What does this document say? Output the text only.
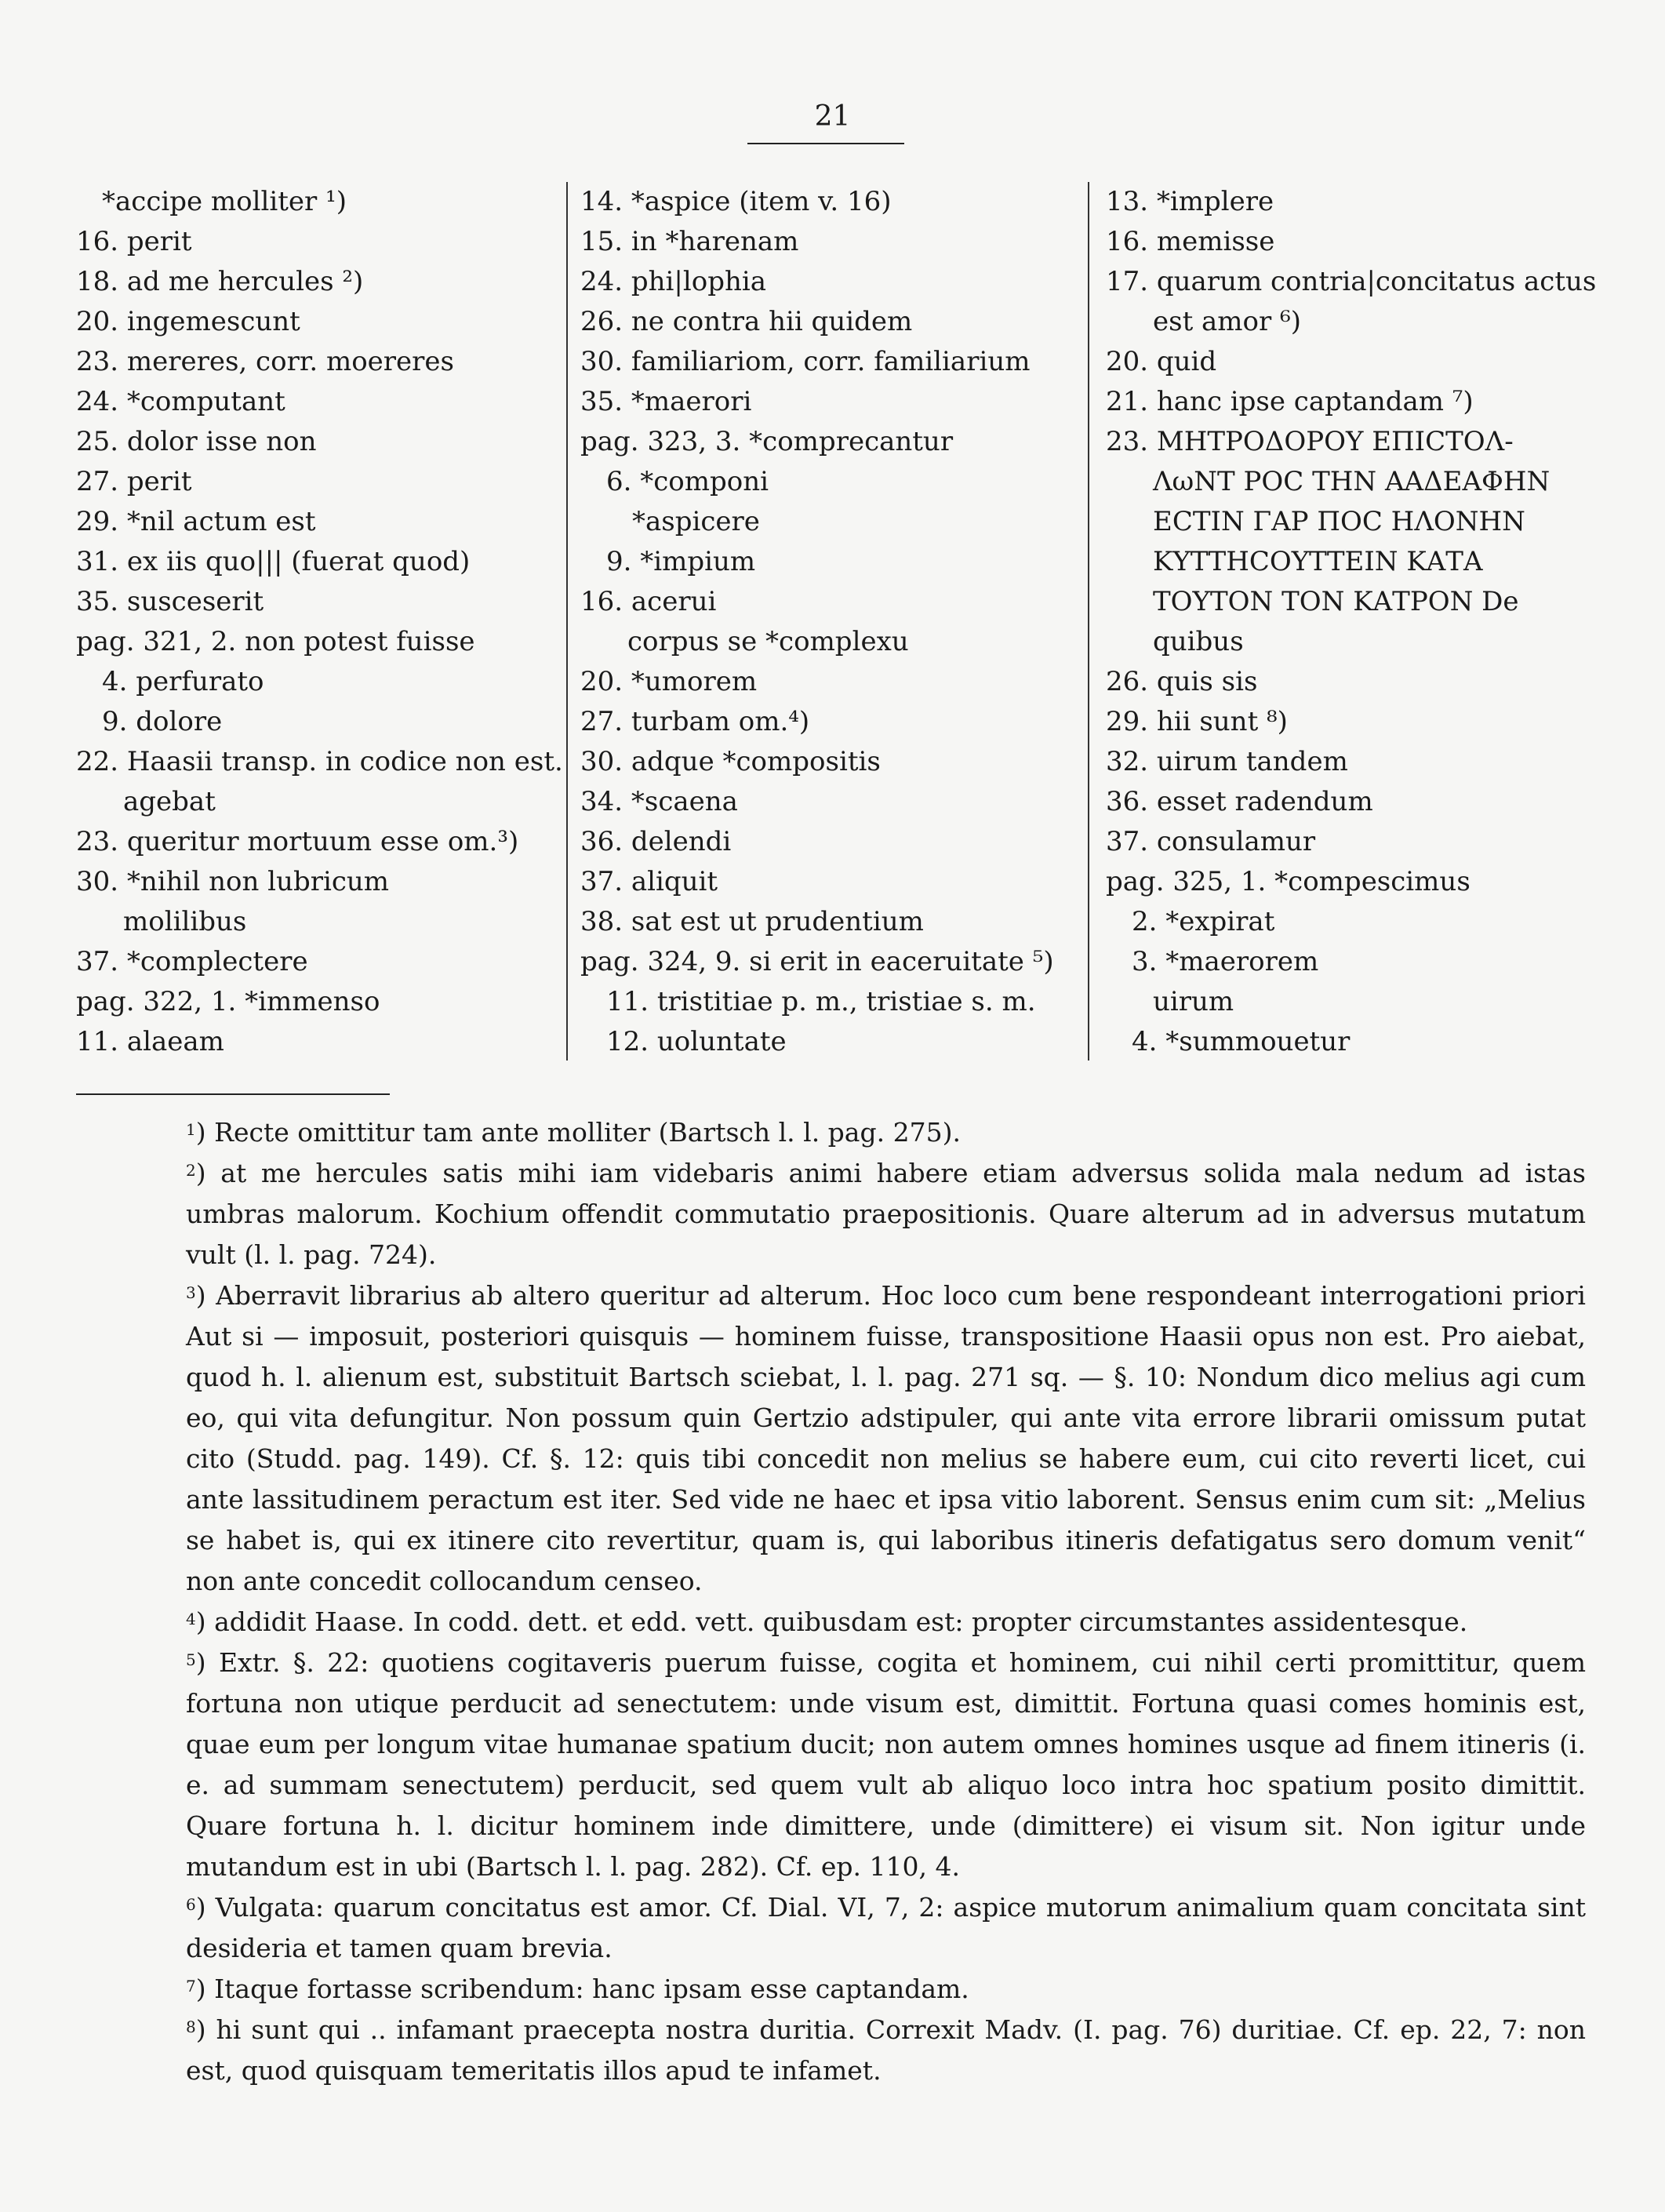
21
*accipe molliter ¹)
16. perit
18. ad me hercules ²)
20. ingemescunt
23. mereres, corr. moereres
24. *computant
25. dolor isse non
27. perit
29. *nil actum est
31. ex iis quo||| (fuerat quod)
35. susceserit
pag. 321, 2. non potest fuisse
4. perfurato
9. dolore
22. Haasii transp. in codice non est.
agebat
23. queritur mortuum esse om.³)
30. *nihil non lubricum
molilibus
37. *complectere
pag. 322, 1. *immenso
11. alaeam
14. *aspice (item v. 16)
15. in *harenam
24. phi|lophia
26. ne contra hii quidem
30. familiariom, corr. familiarium
35. *maerori
pag. 323, 3. *comprecantur
6. *componi
*aspicere
9. *impium
16. acerui
corpus se *complexu
20. *umorem
27. turbam om.⁴)
30. adque *compositis
34. *scaena
36. delendi
37. aliquit
38. sat est ut prudentium
pag. 324, 9. si erit in eaceruitate ⁵)
11. tristitiae p. m., tristiae s. m.
12. uoluntate
13. *implere
16. memisse
17. quarum contria|concitatus actus
est amor ⁶)
20. quid
21. hanc ipse captandam ⁷)
23. ΜΗΤΡΟΔΟΡΟΥ ΕΠΙCΤΟΛ-
ΛωΝΤ ΡΟC ΤΗΝ ΑΑΔΕΑΦΗΝ
ΕCΤΙΝ ΓΑΡ ΠΟC ΗΛΟΝΗΝ
ΚΥΤΤΗCΟΥΤΤΕΙΝ ΚΑΤΑ
ΤΟΥΤΟΝ ΤΟΝ ΚΑΤΡΟΝ De
quibus
26. quis sis
29. hii sunt ⁸)
32. uirum tandem
36. esset radendum
37. consulamur
pag. 325, 1. *compescimus
2. *expirat
3. *maerorem
uirum
4. *summouetur

$^1$) Recte omittitur tam ante molliter (Bartsch l. l. pag. 275).

$^2$) at me hercules satis mihi iam videbaris animi habere etiam adversus solida mala nedum ad istas umbras malorum. Kochium offendit commutatio praepositionis. Quare alterum ad in adversus mutatum vult (l. l. pag. 724).

$^3$) Aberravit librarius ab altero queritur ad alterum. Hoc loco cum bene respondeant interrogationi priori Aut si — imposuit, posteriori quisquis — hominem fuisse, transpositione Haasii opus non est. Pro aiebat, quod h. l. alienum est, substituit Bartsch sciebat, l. l. pag. 271 sq. — §. 10: Nondum dico melius agi cum eo, qui vita defungitur. Non possum quin Gertzio adstipuler, qui ante vita errore librarii omissum putat cito (Studd. pag. 149). Cf. §. 12: quis tibi concedit non melius se habere eum, cui cito reverti licet, cui ante lassitudinem peractum est iter. Sed vide ne haec et ipsa vitio laborent. Sensus enim cum sit: „Melius se habet is, qui ex itinere cito revertitur, quam is, qui laboribus itineris defatigatus sero domum venit“ non ante concedit collocandum censeo.

$^4$) addidit Haase. In codd. dett. et edd. vett. quibusdam est: propter circumstantes assidentesque.

$^5$) Extr. §. 22: quotiens cogitaveris puerum fuisse, cogita et hominem, cui nihil certi promittitur, quem fortuna non utique perducit ad senectutem: unde visum est, dimittit. Fortuna quasi comes hominis est, quae eum per longum vitae humanae spatium ducit; non autem omnes homines usque ad finem itineris (i. e. ad summam senectutem) perducit, sed quem vult ab aliquo loco intra hoc spatium posito dimittit. Quare fortuna h. l. dicitur hominem inde dimittere, unde (dimittere) ei visum sit. Non igitur unde mutandum est in ubi (Bartsch l. l. pag. 282). Cf. ep. 110, 4.

$^6$) Vulgata: quarum concitatus est amor. Cf. Dial. VI, 7, 2: aspice mutorum animalium quam concitata sint desideria et tamen quam brevia.

$^7$) Itaque fortasse scribendum: hanc ipsam esse captandam.

$^8$) hi sunt qui .. infamant praecepta nostra duritia. Correxit Madv. (I. pag. 76) duritiae. Cf. ep. 22, 7: non est, quod quisquam temeritatis illos apud te infamet.
